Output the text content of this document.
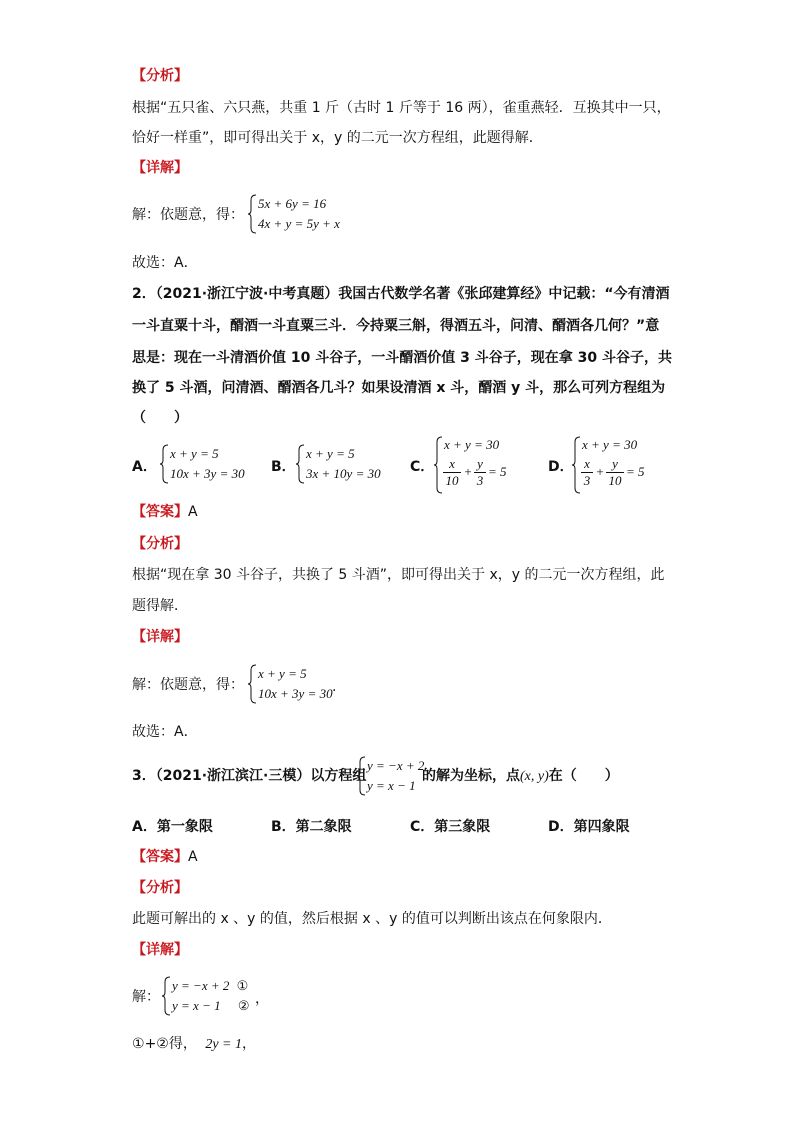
【分析】
根据“五只雀、六只燕，共重 1 斤（古时 1 斤等于 16 两），雀重燕轻．互换其中一只，
恰好一样重”，即可得出关于 x，y 的二元一次方程组，此题得解．
【详解】
解：依题意，得：
5x + 6y = 16
4x + y = 5y + x
故选：A．
2．（2021·浙江宁波·中考真题）我国古代数学名著《张邱建算经》中记载：“今有清酒
一斗直粟十斗，醑酒一斗直粟三斗．今持粟三斛，得酒五斗，问清、醑酒各几何？”意
思是：现在一斗清酒价值 10 斗谷子，一斗醑酒价值 3 斗谷子，现在拿 30 斗谷子，共
换了 5 斗酒，问清酒、醑酒各几斗？如果设清酒 x 斗，醑酒 y 斗，那么可列方程组为
（　　）
A．
x + y = 5
10x + 3y = 30 B．
x + y = 5
3x + 10y = 30 C．
x + y = 30
x
10
+
y
3
= 5	D．
x + y = 30
x
3
+
y
10
= 5
【答案】A
【分析】
根据“现在拿 30 斗谷子，共换了 5 斗酒”，即可得出关于 x，y 的二元一次方程组，此
题得解．
【详解】
解：依题意，得：
x + y = 5
10x + 3y = 30 .
故选：A．
3．（2021·浙江滨江·三模）以方程组
y = −x + 2
y = x − 1
的解为坐标，点(x, y)在（　　）
A．第一象限	B．第二象限	C．第三象限	D．第四象限
【答案】A
【分析】
此题可解出的 x 、y 的值，然后根据 x 、y 的值可以判断出该点在何象限内．
【详解】
解：
y = −x + 2 ①
y = x − 1 ② ，
①+②得， 2y = 1，
